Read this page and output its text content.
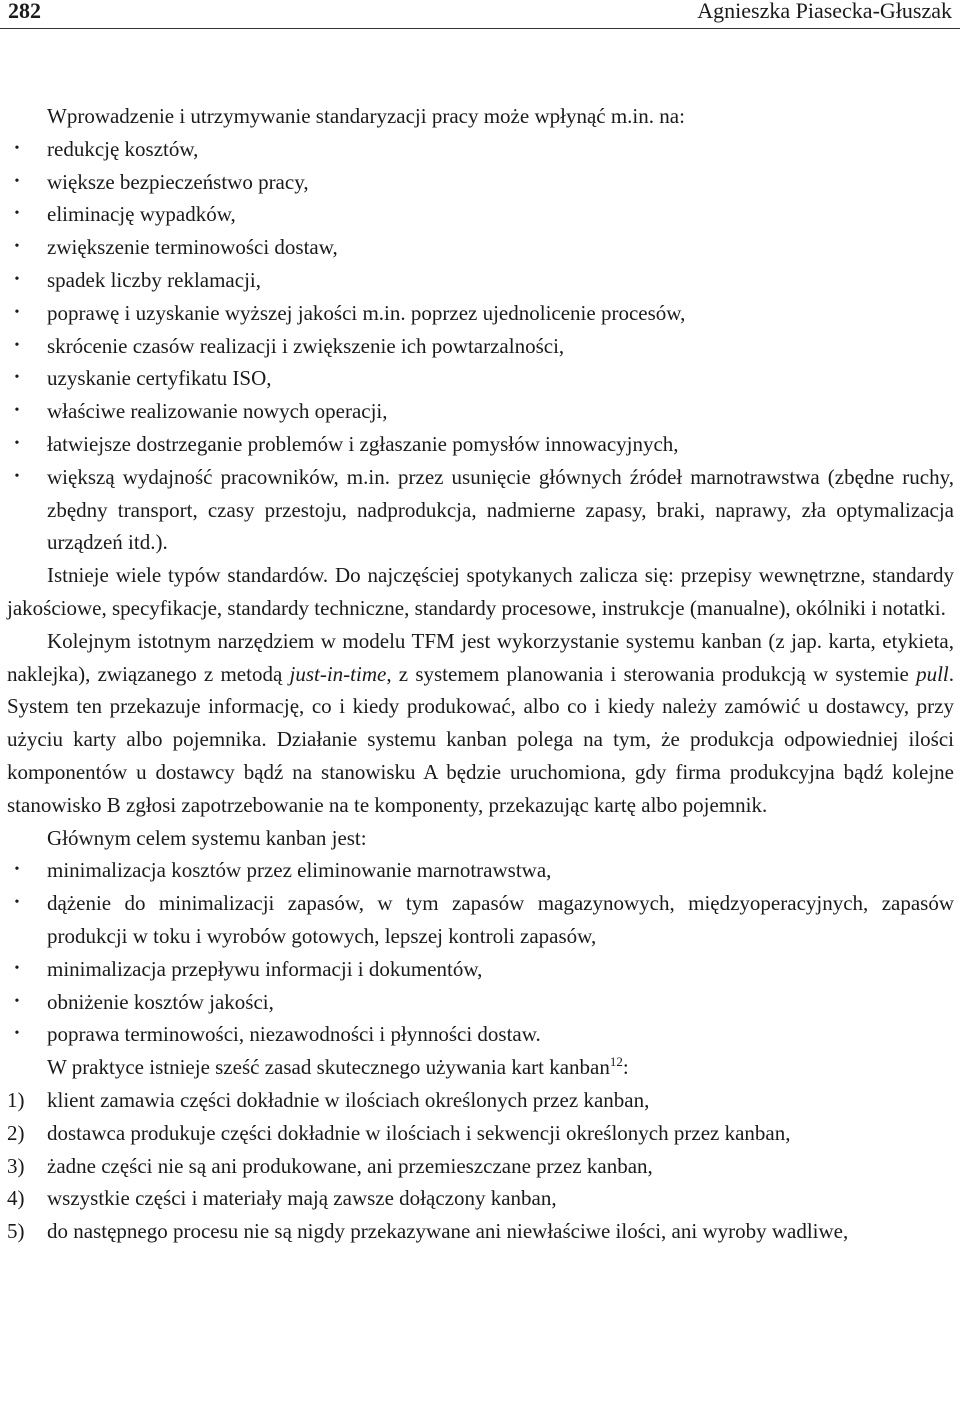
282	Agnieszka Piasecka-Głuszak

Wprowadzenie i utrzymywanie standaryzacji pracy może wpłynąć m.in. na:

•	redukcję kosztów,
•	większe bezpieczeństwo pracy,
•	eliminację wypadków,
•	zwiększenie terminowości dostaw,
•	spadek liczby reklamacji,
•	poprawę i uzyskanie wyższej jakości m.in. poprzez ujednolicenie procesów,
•	skrócenie czasów realizacji i zwiększenie ich powtarzalności,
•	uzyskanie certyfikatu ISO,
•	właściwe realizowanie nowych operacji,
•	łatwiejsze dostrzeganie problemów i zgłaszanie pomysłów innowacyjnych,
•	większą wydajność pracowników, m.in. przez usunięcie głównych źródeł marnotrawstwa (zbędne ruchy, zbędny transport, czasy przestoju, nadprodukcja, nadmierne zapasy, braki, naprawy, zła optymalizacja urządzeń itd.).

Istnieje wiele typów standardów. Do najczęściej spotykanych zalicza się: przepisy wewnętrzne, standardy jakościowe, specyfikacje, standardy techniczne, standardy procesowe, instrukcje (manualne), okólniki i notatki.

Kolejnym istotnym narzędziem w modelu TFM jest wykorzystanie systemu kanban (z jap. karta, etykieta, naklejka), związanego z metodą just-in-time, z systemem planowania i sterowania produkcją w systemie pull. System ten przekazuje informację, co i kiedy produkować, albo co i kiedy należy zamówić u dostawcy, przy użyciu karty albo pojemnika. Działanie systemu kanban polega na tym, że produkcja odpowiedniej ilości komponentów u dostawcy bądź na stanowisku A będzie uruchomiona, gdy firma produkcyjna bądź kolejne stanowisko B zgłosi zapotrzebowanie na te komponenty, przekazując kartę albo pojemnik.

Głównym celem systemu kanban jest:

•	minimalizacja kosztów przez eliminowanie marnotrawstwa,
•	dążenie do minimalizacji zapasów, w tym zapasów magazynowych, międzyoperacyjnych, zapasów produkcji w toku i wyrobów gotowych, lepszej kontroli zapasów,
•	minimalizacja przepływu informacji i dokumentów,
•	obniżenie kosztów jakości,
•	poprawa terminowości, niezawodności i płynności dostaw.

W praktyce istnieje sześć zasad skutecznego używania kart kanban$^{12}$:

1) klient zamawia części dokładnie w ilościach określonych przez kanban,
2) dostawca produkuje części dokładnie w ilościach i sekwencji określonych przez kanban,
3) żadne części nie są ani produkowane, ani przemieszczane przez kanban,
4) wszystkie części i materiały mają zawsze dołączony kanban,
5) do następnego procesu nie są nigdy przekazywane ani niewłaściwe ilości, ani wyroby wadliwe,
